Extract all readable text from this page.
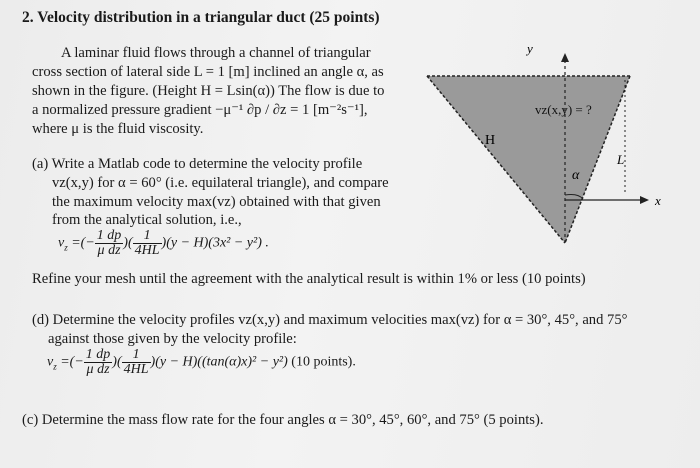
2. Velocity distribution in a triangular duct (25 points)
A laminar fluid flows through a channel of triangular
cross section of lateral side L = 1 [m] inclined an angle α, as
shown in the figure. (Height H = Lsin(α)) The flow is due to
a normalized pressure gradient −μ⁻¹ ∂p / ∂z = 1 [m⁻²s⁻¹],
where μ is the fluid viscosity.
(a) Write a Matlab code to determine the velocity profile
vz(x,y) for α = 60° (i.e. equilateral triangle), and compare
the maximum velocity max(vz) obtained with that given
from the analytical solution, i.e.,
$v_z$ =(− $\frac{1 dp}{\text{μ dz}}$ )( $\frac{1}{4HL} )(y - H)(3x^2 - y^2)$ .
Refine your mesh until the agreement with the analytical result is within 1% or less (10 points)
(d) Determine the velocity profiles vz(x,y) and maximum velocities max(vz) for α = 30°, 45°, and 75°
against those given by the velocity profile:
$v_z$ =(− $\frac{1 dp}{\text{μ dz}}$ )( $\frac{1}{4HL} )(y - H)((\tan(\alpha)x)^2 - y^2)$ (10 points).
(c) Determine the mass flow rate for the four angles α = 30°, 45°, 60°, and 75° (5 points).
y
x
vz(x,y) = ?
H
L
α
